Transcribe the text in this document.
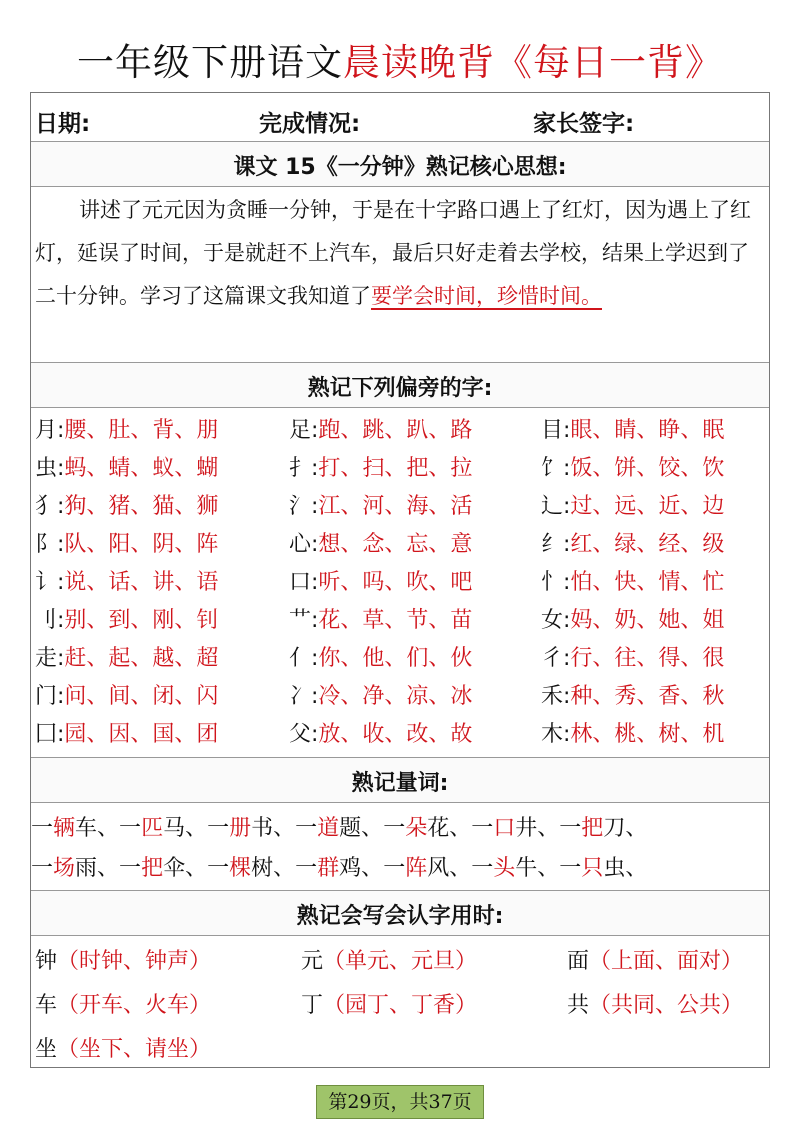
一年级下册语文晨读晚背《每日一背》
日期:	完成情况:	家长签字:
课文 15《一分钟》熟记核心思想:
讲述了元元因为贪睡一分钟，于是在十字路口遇上了红灯，因为遇上了红灯，延误了时间，于是就赶不上汽车，最后只好走着去学校，结果上学迟到了二十分钟。学习了这篇课文我知道了要学会时间，珍惜时间。
熟记下列偏旁的字:
月:腰、肚、背、朋	足:跑、跳、趴、路	目:眼、睛、睁、眠
虫:蚂、蜻、蚁、蝴	扌:打、扫、把、拉	饣:饭、饼、饺、饮
犭:狗、猪、猫、狮	氵:江、河、海、活	辶:过、远、近、边
阝:队、阳、阴、阵	心:想、念、忘、意	纟:红、绿、经、级
讠:说、话、讲、语	口:听、吗、吹、吧	忄:怕、快、情、忙
刂:别、到、刚、钊	艹:花、草、节、苗	女:妈、奶、她、姐
走:赶、起、越、超	亻:你、他、们、伙	彳:行、往、得、很
门:问、间、闭、闪	冫:冷、净、凉、冰	禾:种、秀、香、秋
囗:园、因、国、团	父:放、收、改、故	木:林、桃、树、机
熟记量词:
一辆车、一匹马、一册书、一道题、一朵花、一口井、一把刀、
一场雨、一把伞、一棵树、一群鸡、一阵风、一头牛、一只虫、
熟记会写会认字用时:
钟（时钟、钟声）	元（单元、元旦）	面（上面、面对）
车（开车、火车）	丁（园丁、丁香）	共（共同、公共）
坐（坐下、请坐）
第29页，共37页
